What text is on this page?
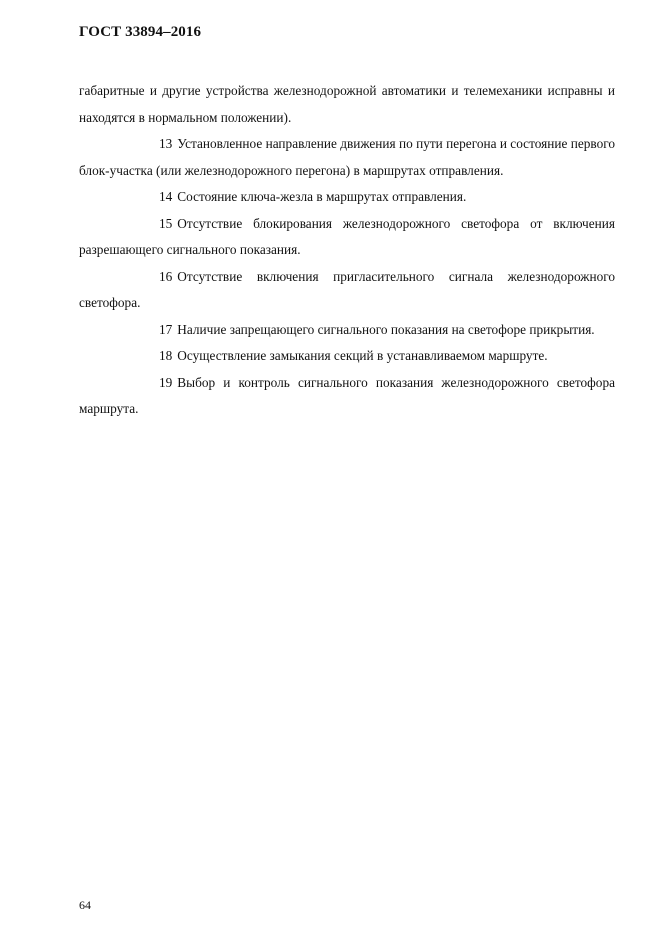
ГОСТ 33894–2016

габаритные и другие устройства железнодорожной автоматики и телемеханики исправны и находятся в нормальном положении).

13 Установленное направление движения по пути перегона и состояние первого блок-участка (или железнодорожного перегона) в маршрутах отправления.

14 Состояние ключа-жезла в маршрутах отправления.

15 Отсутствие блокирования железнодорожного светофора от включения разрешающего сигнального показания.

16 Отсутствие включения пригласительного сигнала железнодорожного светофора.

17 Наличие запрещающего сигнального показания на светофоре прикрытия.

18 Осуществление замыкания секций в устанавливаемом маршруте.

19 Выбор и контроль сигнального показания железнодорожного светофора маршрута.

64
